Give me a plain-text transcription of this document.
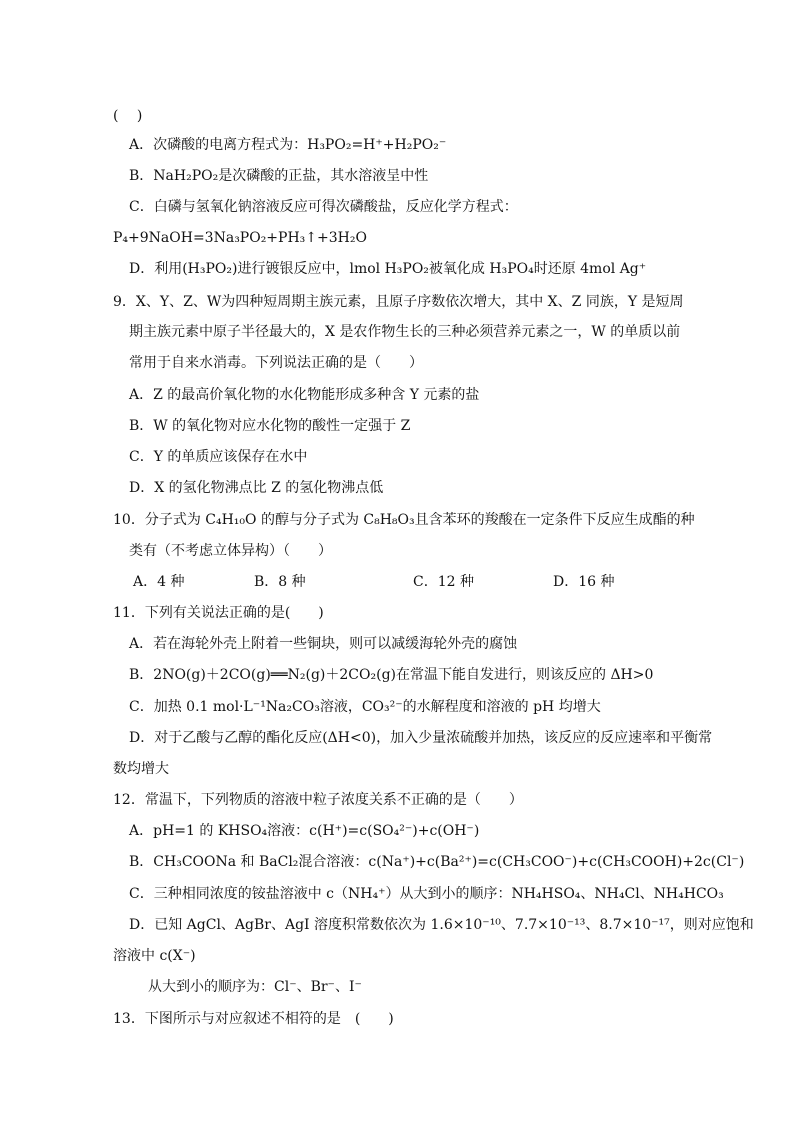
(　 )
A．次磷酸的电离方程式为：H₃PO₂=H⁺+H₂PO₂⁻
B．NaH₂PO₂是次磷酸的正盐，其水溶液呈中性
C．白磷与氢氧化钠溶液反应可得次磷酸盐，反应化学方程式：
P₄+9NaOH=3Na₃PO₂+PH₃↑+3H₂O
D．利用(H₃PO₂)进行镀银反应中，lmol H₃PO₂被氧化成 H₃PO₄时还原 4mol Ag⁺
9．X、Y、Z、W为四种短周期主族元素，且原子序数依次增大，其中 X、Z 同族，Y 是短周
期主族元素中原子半径最大的，X 是农作物生长的三种必须营养元素之一，W 的单质以前
常用于自来水消毒。下列说法正确的是（　　）
A．Z 的最高价氧化物的水化物能形成多种含 Y 元素的盐
B．W 的氧化物对应水化物的酸性一定强于 Z
C．Y 的单质应该保存在水中
D．X 的氢化物沸点比 Z 的氢化物沸点低
10．分子式为 C₄H₁₀O 的醇与分子式为 C₈H₈O₃且含苯环的羧酸在一定条件下反应生成酯的种
类有（不考虑立体异构）（　　）
A．4 种	B．8 种	C．12 种	D．16 种
11．下列有关说法正确的是(　　)
A．若在海轮外壳上附着一些铜块，则可以减缓海轮外壳的腐蚀
B．2NO(g)＋2CO(g)══N₂(g)＋2CO₂(g)在常温下能自发进行，则该反应的 ΔH>0
C．加热 0.1 mol·L⁻¹Na₂CO₃溶液，CO₃²⁻的水解程度和溶液的 pH 均增大
D．对于乙酸与乙醇的酯化反应(ΔH<0)，加入少量浓硫酸并加热，该反应的反应速率和平衡常
数均增大
12．常温下，下列物质的溶液中粒子浓度关系不正确的是（　　）
A．pH=1 的 KHSO₄溶液：c(H⁺)=c(SO₄²⁻)+c(OH⁻)
B．CH₃COONa 和 BaCl₂混合溶液：c(Na⁺)+c(Ba²⁺)=c(CH₃COO⁻)+c(CH₃COOH)+2c(Cl⁻)
C．三种相同浓度的铵盐溶液中 c（NH₄⁺）从大到小的顺序：NH₄HSO₄、NH₄Cl、NH₄HCO₃
D．已知 AgCl、AgBr、AgI 溶度积常数依次为 1.6×10⁻¹⁰、7.7×10⁻¹³、8.7×10⁻¹⁷，则对应饱和
溶液中 c(X⁻)
从大到小的顺序为：Cl⁻、Br⁻、I⁻
13．下图所示与对应叙述不相符的是　(　　)
